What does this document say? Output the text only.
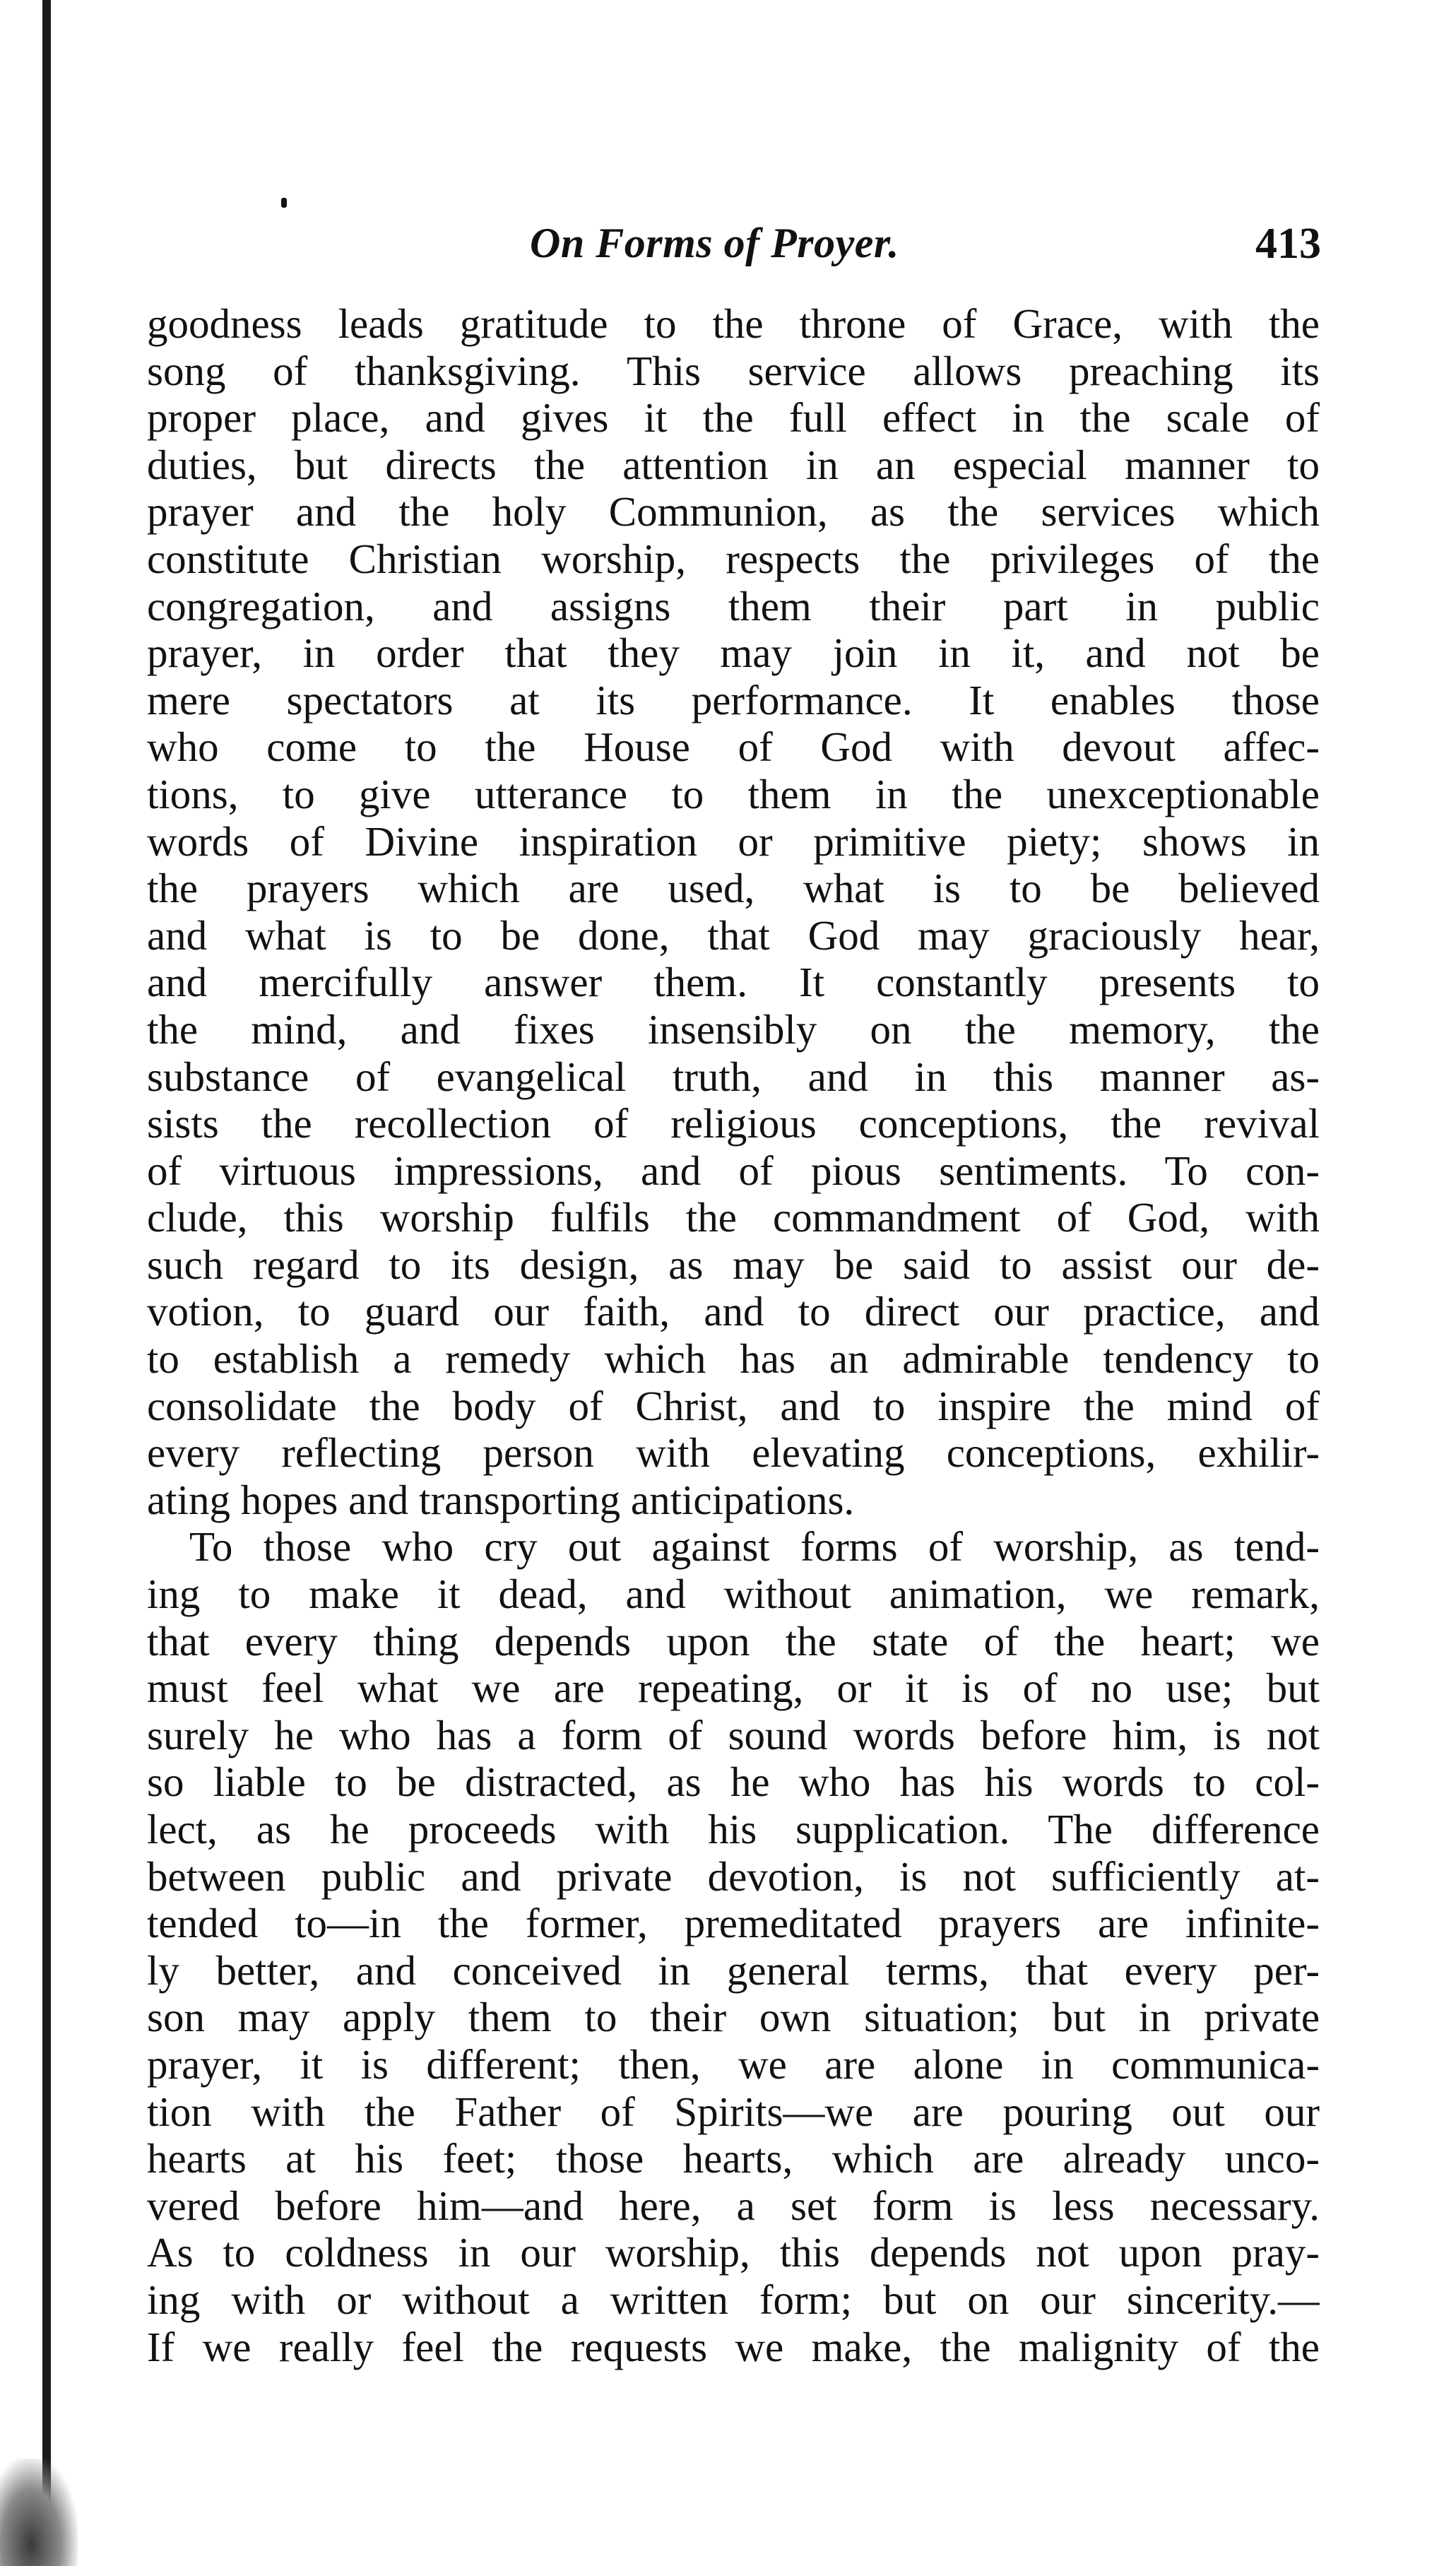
On Forms of Proyer.	413
goodness leads gratitude to the throne of Grace, with the
song of thanksgiving. This service allows preaching its
proper place, and gives it the full effect in the scale of
duties, but directs the attention in an especial manner to
prayer and the holy Communion, as the services which
constitute Christian worship, respects the privileges of the
congregation, and assigns them their part in public
prayer, in order that they may join in it, and not be
mere spectators at its performance. It enables those
who come to the House of God with devout affec-
tions, to give utterance to them in the unexceptionable
words of Divine inspiration or primitive piety; shows in
the prayers which are used, what is to be believed
and what is to be done, that God may graciously hear,
and mercifully answer them. It constantly presents to
the mind, and fixes insensibly on the memory, the
substance of evangelical truth, and in this manner as-
sists the recollection of religious conceptions, the revival
of virtuous impressions, and of pious sentiments. To con-
clude, this worship fulfils the commandment of God, with
such regard to its design, as may be said to assist our de-
votion, to guard our faith, and to direct our practice, and
to establish a remedy which has an admirable tendency to
consolidate the body of Christ, and to inspire the mind of
every reflecting person with elevating conceptions, exhilir-
ating hopes and transporting anticipations.
To those who cry out against forms of worship, as tend-
ing to make it dead, and without animation, we remark,
that every thing depends upon the state of the heart; we
must feel what we are repeating, or it is of no use; but
surely he who has a form of sound words before him, is not
so liable to be distracted, as he who has his words to col-
lect, as he proceeds with his supplication. The difference
between public and private devotion, is not sufficiently at-
tended to—in the former, premeditated prayers are infinite-
ly better, and conceived in general terms, that every per-
son may apply them to their own situation; but in private
prayer, it is different; then, we are alone in communica-
tion with the Father of Spirits—we are pouring out our
hearts at his feet; those hearts, which are already unco-
vered before him—and here, a set form is less necessary.
As to coldness in our worship, this depends not upon pray-
ing with or without a written form; but on our sincerity.—
If we really feel the requests we make, the malignity of the
